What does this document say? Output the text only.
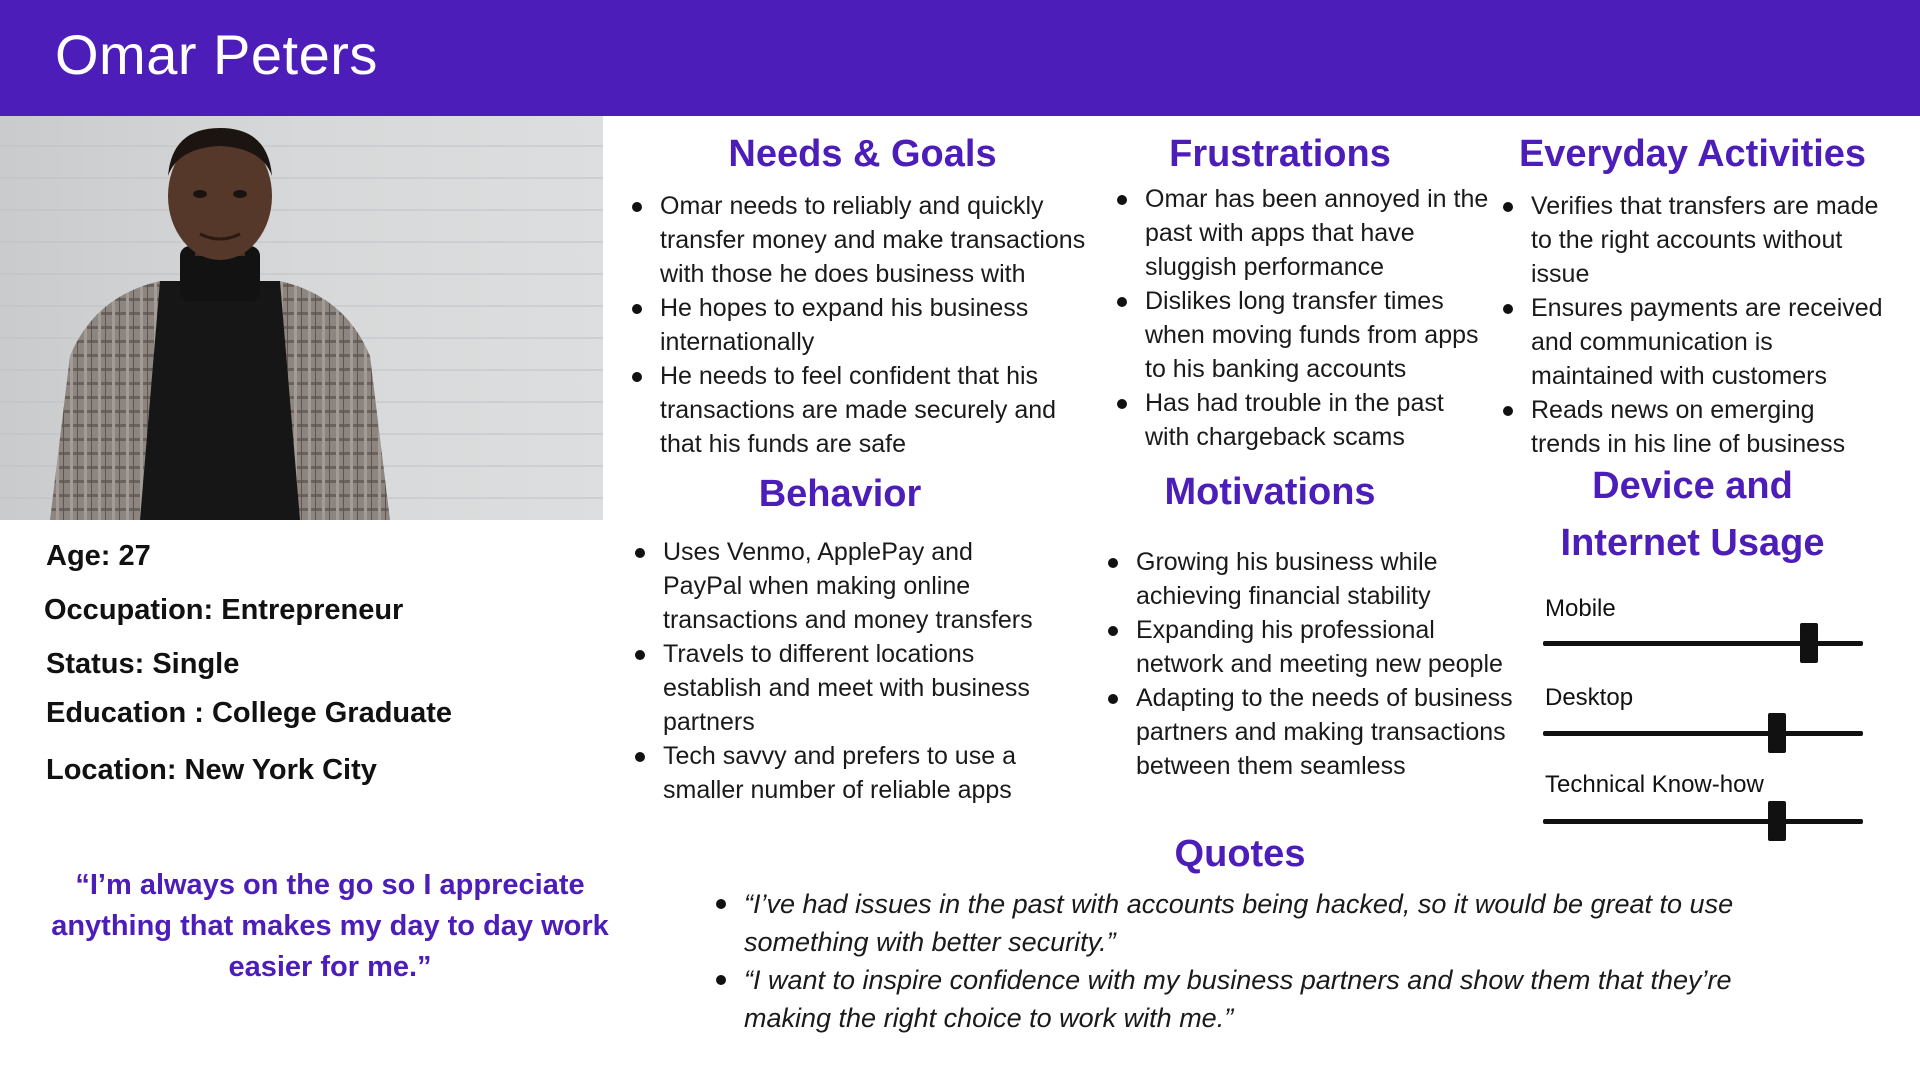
Omar Peters
Age: 27
Occupation: Entrepreneur
Status: Single
Education : College Graduate
Location: New York City
“I’m always on the go so I appreciate anything that makes my day to day work easier for me.”
Needs & Goals
Omar needs to reliably and quickly transfer money and make transactions with those he does business with
He hopes to expand his business internationally
He needs to feel confident that his transactions are made securely and that his funds are safe
Frustrations
Omar has been annoyed in the past with apps that have sluggish performance
Dislikes long transfer times when moving funds from apps to his banking accounts
Has had trouble in the past with chargeback scams
Everyday Activities
Verifies that transfers are made to the right accounts without issue
Ensures payments are received and communication is maintained with customers
Reads news on emerging trends in his line of business
Behavior
Uses Venmo, ApplePay and PayPal when making online transactions and money transfers
Travels to different locations establish and meet with business partners
Tech savvy and prefers to use a smaller number of reliable apps
Motivations
Growing his business while achieving financial stability
Expanding his professional network and meeting new people
Adapting to the needs of business partners and making transactions between them seamless
Device and
Internet Usage
Mobile
Desktop
Technical Know-how
Quotes
“I’ve had issues in the past with accounts being hacked, so it would be great to use something with better security.”
“I want to inspire confidence with my business partners and show them that they’re making the right choice to work with me.”
